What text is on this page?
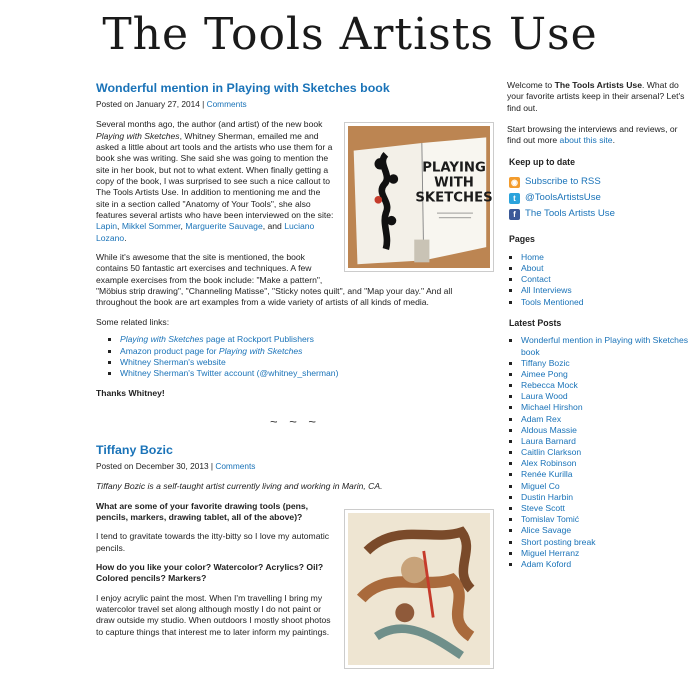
The Tools Artists Use
Wonderful mention in Playing with Sketches book
Posted on January 27, 2014 | Comments
PLAYING
WITH
SKETCHES

Several months ago, the author (and artist) of the new book Playing with Sketches, Whitney Sherman, emailed me and asked a little about art tools and the artists who use them for a book she was writing. She said she was going to mention the site in her book, but not to what extent. When finally getting a copy of the book, I was surprised to see such a nice callout to The Tools Artists Use. In addition to mentioning me and the site in a section called "Anatomy of Your Tools", she also features several artists who have been interviewed on the site: Lapin, Mikkel Sommer, Marguerite Sauvage, and Luciano Lozano.

While it's awesome that the site is mentioned, the book contains 50 fantastic art exercises and techniques. A few example exercises from the book include: "Make a pattern", "Möbius strip drawing", "Channeling Matisse", "Sticky notes quilt", and "Map your day." And all throughout the book are art examples from a wide variety of artists of all kinds of media.

Some related links:

▪ Playing with Sketches page at Rockport Publishers
▪ Amazon product page for Playing with Sketches
▪ Whitney Sherman's website
▪ Whitney Sherman's Twitter account (@whitney_sherman)

Thanks Whitney!

~ ~ ~
Tiffany Bozic
Posted on December 30, 2013 | Comments

Tiffany Bozic is a self-taught artist currently living and working in Marin, CA.

What are some of your favorite drawing tools (pens, pencils, markers, drawing tablet, all of the above)?

I tend to gravitate towards the itty-bitty so I love my automatic pencils.

How do you like your color? Watercolor? Acrylics? Oil? Colored pencils? Markers?

I enjoy acrylic paint the most. When I'm travelling I bring my watercolor travel set along although mostly I do not paint or draw outside my studio. When outdoors I mostly shoot photos to capture things that interest me to later inform my paintings.

Welcome to The Tools Artists Use. What do your favorite artists keep in their arsenal? Let's find out.

Start browsing the interviews and reviews, or find out more about this site.

Keep up to date
◉ Subscribe to RSS
t @ToolsArtistsUse
f The Tools Artists Use
Pages
▪ Home
▪ About
▪ Contact
▪ All Interviews
▪ Tools Mentioned
Latest Posts
▪ Wonderful mention in Playing with Sketches book
▪ Tiffany Bozic
▪ Aimee Pong
▪ Rebecca Mock
▪ Laura Wood
▪ Michael Hirshon
▪ Adam Rex
▪ Aldous Massie
▪ Laura Barnard
▪ Caitlin Clarkson
▪ Alex Robinson
▪ Renée Kurilla
▪ Miguel Co
▪ Dustin Harbin
▪ Steve Scott
▪ Tomislav Tomić
▪ Alice Savage
▪ Short posting break
▪ Miguel Herranz
▪ Adam Koford
